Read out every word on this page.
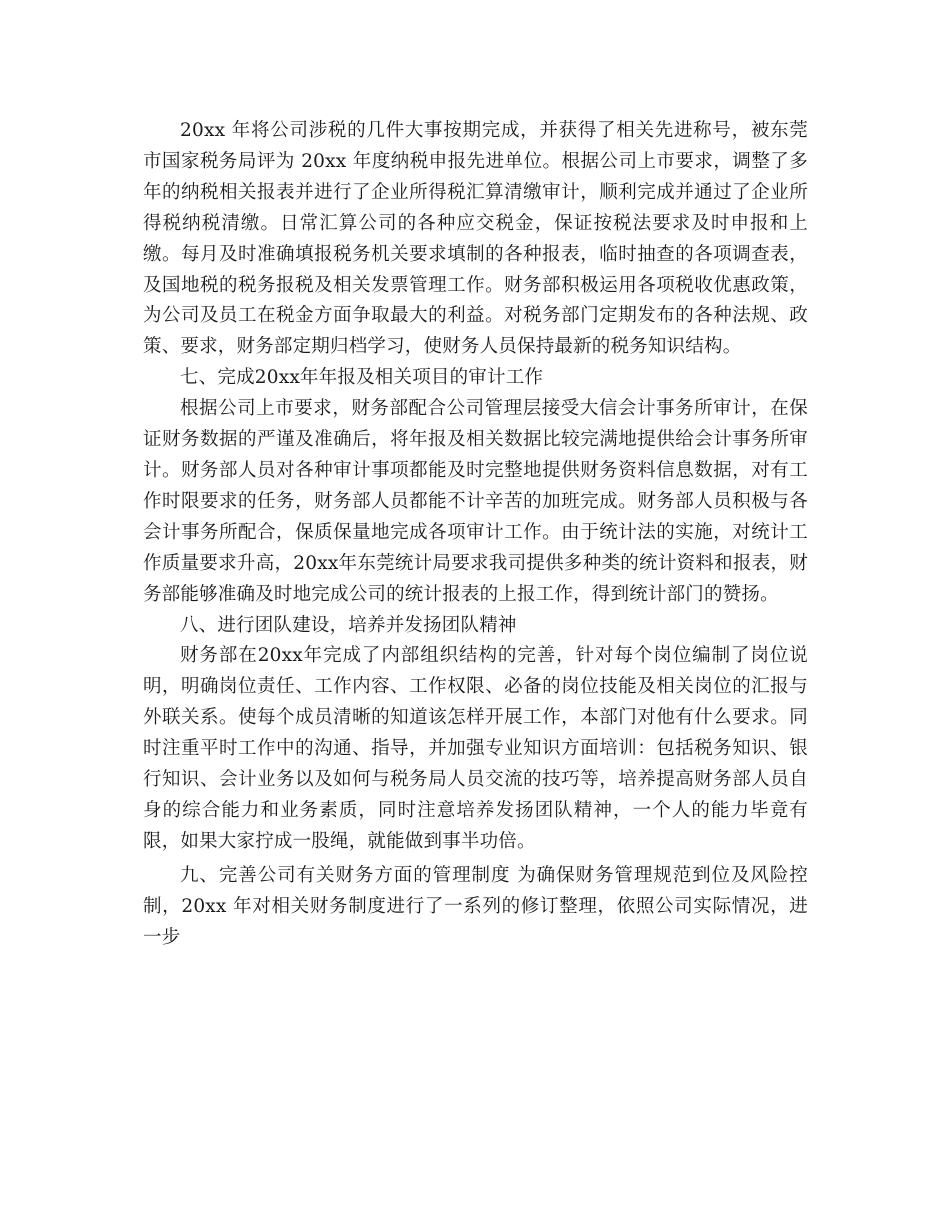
20xx 年将公司涉税的几件大事按期完成，并获得了相关先进称号，被东莞市国家税务局评为 20xx 年度纳税申报先进单位。根据公司上市要求，调整了多年的纳税相关报表并进行了企业所得税汇算清缴审计，顺利完成并通过了企业所得税纳税清缴。日常汇算公司的各种应交税金，保证按税法要求及时申报和上缴。每月及时准确填报税务机关要求填制的各种报表，临时抽查的各项调查表，及国地税的税务报税及相关发票管理工作。财务部积极运用各项税收优惠政策，为公司及员工在税金方面争取最大的利益。对税务部门定期发布的各种法规、政策、要求，财务部定期归档学习，使财务人员保持最新的税务知识结构。

七、完成20xx年年报及相关项目的审计工作

根据公司上市要求，财务部配合公司管理层接受大信会计事务所审计，在保证财务数据的严谨及准确后，将年报及相关数据比较完满地提供给会计事务所审计。财务部人员对各种审计事项都能及时完整地提供财务资料信息数据，对有工作时限要求的任务，财务部人员都能不计辛苦的加班完成。财务部人员积极与各会计事务所配合，保质保量地完成各项审计工作。由于统计法的实施，对统计工作质量要求升高，20xx年东莞统计局要求我司提供多种类的统计资料和报表，财务部能够准确及时地完成公司的统计报表的上报工作，得到统计部门的赞扬。

八、进行团队建设，培养并发扬团队精神

财务部在20xx年完成了内部组织结构的完善，针对每个岗位编制了岗位说明，明确岗位责任、工作内容、工作权限、必备的岗位技能及相关岗位的汇报与外联关系。使每个成员清晰的知道该怎样开展工作，本部门对他有什么要求。同时注重平时工作中的沟通、指导，并加强专业知识方面培训：包括税务知识、银行知识、会计业务以及如何与税务局人员交流的技巧等，培养提高财务部人员自身的综合能力和业务素质，同时注意培养发扬团队精神，一个人的能力毕竟有限，如果大家拧成一股绳，就能做到事半功倍。

九、完善公司有关财务方面的管理制度 为确保财务管理规范到位及风险控制，20xx 年对相关财务制度进行了一系列的修订整理，依照公司实际情况，进一步
